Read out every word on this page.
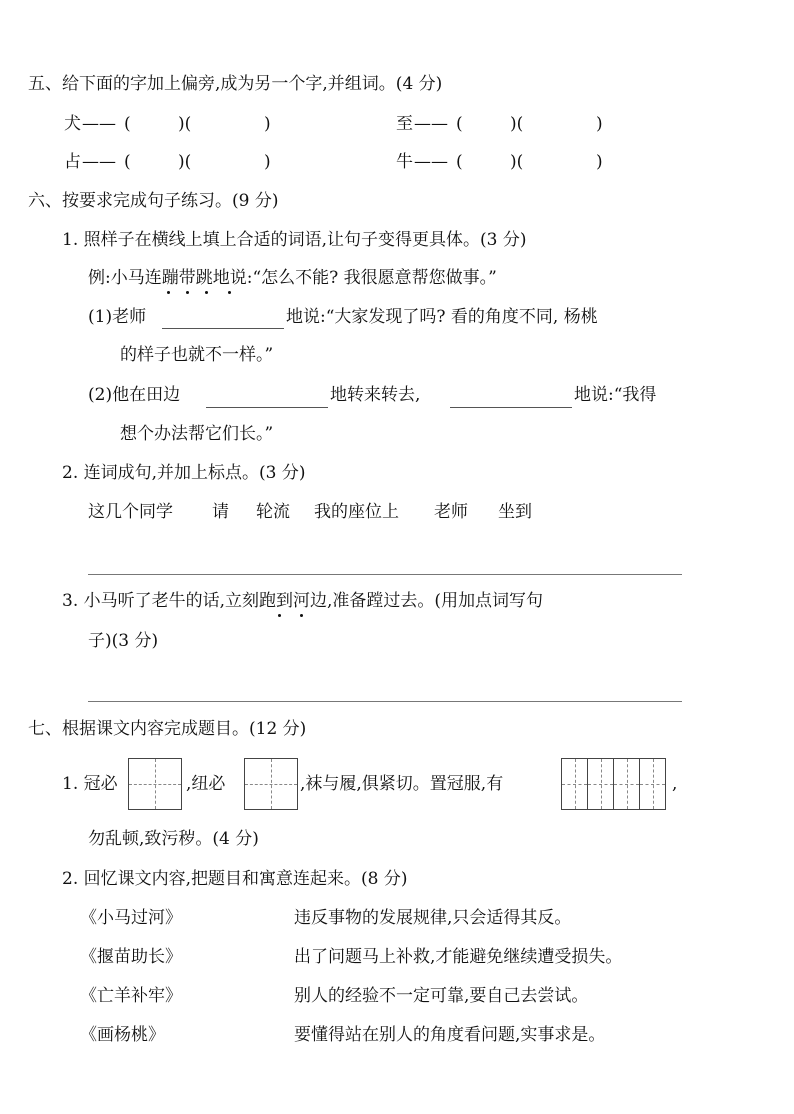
五、给下面的字加上偏旁,成为另一个字,并组词。(4 分)
犬 —— (	)(	)	至 —— (	)(	)
占 —— (	)(	)	牛 —— (	)(	)
六、按要求完成句子练习。(9 分)
1. 照样子在横线上填上合适的词语,让句子变得更具体。(3 分)
例:小马连蹦带跳地说:“怎么不能? 我很愿意帮您做事。”
(1)老师	地说:“大家发现了吗? 看的角度不同, 杨桃
的样子也就不一样。”
(2)他在田边	地转来转去,	地说:“我得
想个办法帮它们长。”
2. 连词成句,并加上标点。(3 分)
这几个同学 请 轮流 我的座位上 老师 坐到
3. 小马听了老牛的话,立刻跑到河边,准备蹚过去。(用加点词写句
子)(3 分)
七、根据课文内容完成题目。(12 分)
1. 冠必	,纽必	,袜与履,俱紧切。置冠服,有	,
勿乱顿,致污秽。(4 分)
2. 回忆课文内容,把题目和寓意连起来。(8 分)
《小马过河》	违反事物的发展规律,只会适得其反。
《揠苗助长》	出了问题马上补救,才能避免继续遭受损失。
《亡羊补牢》	别人的经验不一定可靠,要自己去尝试。
《画杨桃》	要懂得站在别人的角度看问题,实事求是。
